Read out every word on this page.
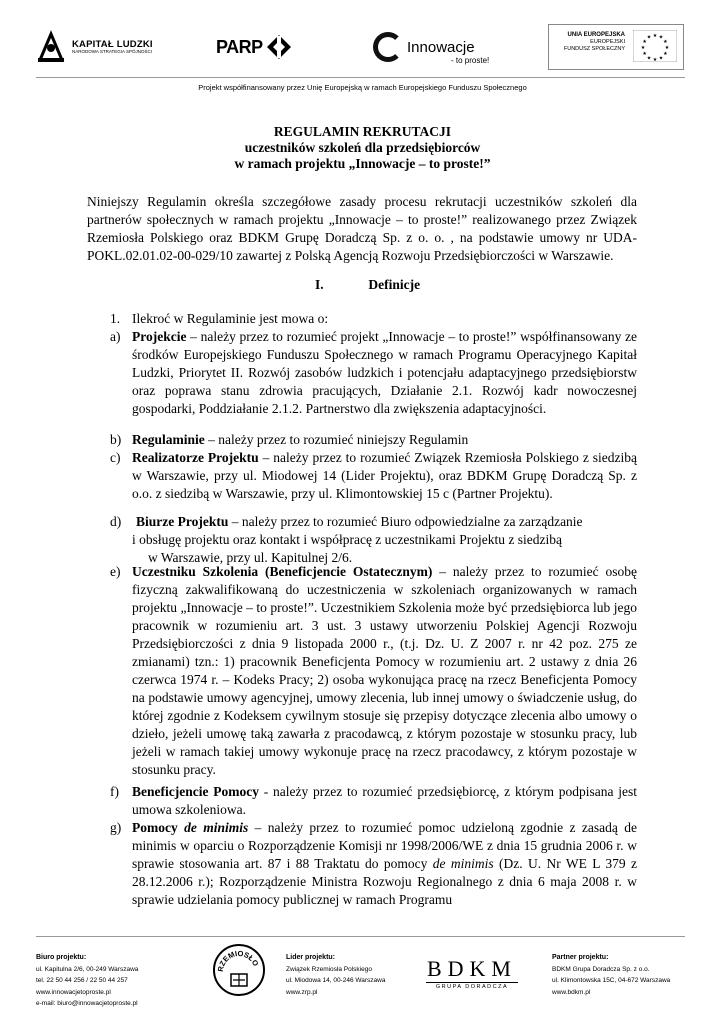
KAPITAŁ LUDZKI
NARODOWA STRATEGIA SPÓJNOŚCI	PARP	Innowacje
- to proste!
UNIA EUROPEJSKA
EUROPEJSKI
FUNDUSZ SPOŁECZNY
★ ★
★
★
★
★
★
★
★
★
★
★
Projekt współfinansowany przez Unię Europejską w ramach Europejskiego Funduszu Społecznego
REGULAMIN REKRUTACJI
uczestników szkoleń dla przedsiębiorców
w ramach projektu „Innowacje – to proste!”
Niniejszy Regulamin określa szczegółowe zasady procesu rekrutacji uczestników szkoleń dla partnerów społecznych w ramach projektu „Innowacje – to proste!” realizowanego przez Związek Rzemiosła Polskiego oraz BDKM Grupę Doradczą Sp. z o. o. , na podstawie umowy nr UDA-POKL.02.01.02-00-029/10 zawartej z Polską Agencją Rozwoju Przedsiębiorczości w Warszawie.
I.	Definicje
1. Ilekroć w Regulaminie jest mowa o:
a) Projekcie – należy przez to rozumieć projekt „Innowacje – to proste!” współfinansowany ze środków Europejskiego Funduszu Społecznego w ramach Programu Operacyjnego Kapitał Ludzki, Priorytet II. Rozwój zasobów ludzkich i potencjału adaptacyjnego przedsiębiorstw oraz poprawa stanu zdrowia pracujących, Działanie 2.1. Rozwój kadr nowoczesnej gospodarki, Poddziałanie 2.1.2. Partnerstwo dla zwiększenia adaptacyjności.
b) Regulaminie – należy przez to rozumieć niniejszy Regulamin
c) Realizatorze Projektu – należy przez to rozumieć Związek Rzemiosła Polskiego z siedzibą w Warszawie, przy ul. Miodowej 14 (Lider Projektu), oraz BDKM Grupę Doradczą Sp. z o.o. z siedzibą w Warszawie, przy ul. Klimontowskiej 15 c (Partner Projektu).
d) Biurze Projektu – należy przez to rozumieć Biuro odpowiedzialne za zarządzanie
i obsługę projektu oraz kontakt i współpracę z uczestnikami Projektu z siedzibą
w Warszawie, przy ul. Kapitulnej 2/6.
e) Uczestniku Szkolenia (Beneficjencie Ostatecznym) – należy przez to rozumieć osobę fizyczną zakwalifikowaną do uczestniczenia w szkoleniach organizowanych w ramach projektu „Innowacje – to proste!”. Uczestnikiem Szkolenia może być przedsiębiorca lub jego pracownik w rozumieniu art. 3 ust. 3 ustawy utworzeniu Polskiej Agencji Rozwoju Przedsiębiorczości z dnia 9 listopada 2000 r., (t.j. Dz. U. Z 2007 r. nr 42 poz. 275 ze zmianami) tzn.: 1) pracownik Beneficjenta Pomocy w rozumieniu art. 2 ustawy z dnia 26 czerwca 1974 r. – Kodeks Pracy; 2) osoba wykonująca pracę na rzecz Beneficjenta Pomocy na podstawie umowy agencyjnej, umowy zlecenia, lub innej umowy o świadczenie usług, do której zgodnie z Kodeksem cywilnym stosuje się przepisy dotyczące zlecenia albo umowy o dzieło, jeżeli umowę taką zawarła z pracodawcą, z którym pozostaje w stosunku pracy, lub jeżeli w ramach takiej umowy wykonuje pracę na rzecz pracodawcy, z którym pozostaje w stosunku pracy.
f) Beneficjencie Pomocy - należy przez to rozumieć przedsiębiorcę, z którym podpisana jest umowa szkoleniowa.
g) Pomocy de minimis – należy przez to rozumieć pomoc udzieloną zgodnie z zasadą de minimis w oparciu o Rozporządzenie Komisji nr 1998/2006/WE z dnia 15 grudnia 2006 r. w sprawie stosowania art. 87 i 88 Traktatu do pomocy de minimis (Dz. U. Nr WE L 379 z 28.12.2006 r.); Rozporządzenie Ministra Rozwoju Regionalnego z dnia 6 maja 2008 r. w sprawie udzielania pomocy publicznej w ramach Programu
Biuro projektu:
ul. Kapitulna 2/6, 00-249 Warszawa
tel. 22 50 44 256 / 22 50 44 257
www.innowacjetoproste.pl
e-mail: biuro@innowacjetoproste.pl
RZEMIOSŁO
Lider projektu:
Związek Rzemiosła Polskiego
ul. Miodowa 14, 00-246 Warszawa
www.zrp.pl
BDKM
GRUPA DORADCZA
Partner projektu:
BDKM Grupa Doradcza Sp. z o.o.
ul. Klimontowska 15C, 04-672 Warszawa
www.bdkm.pl
